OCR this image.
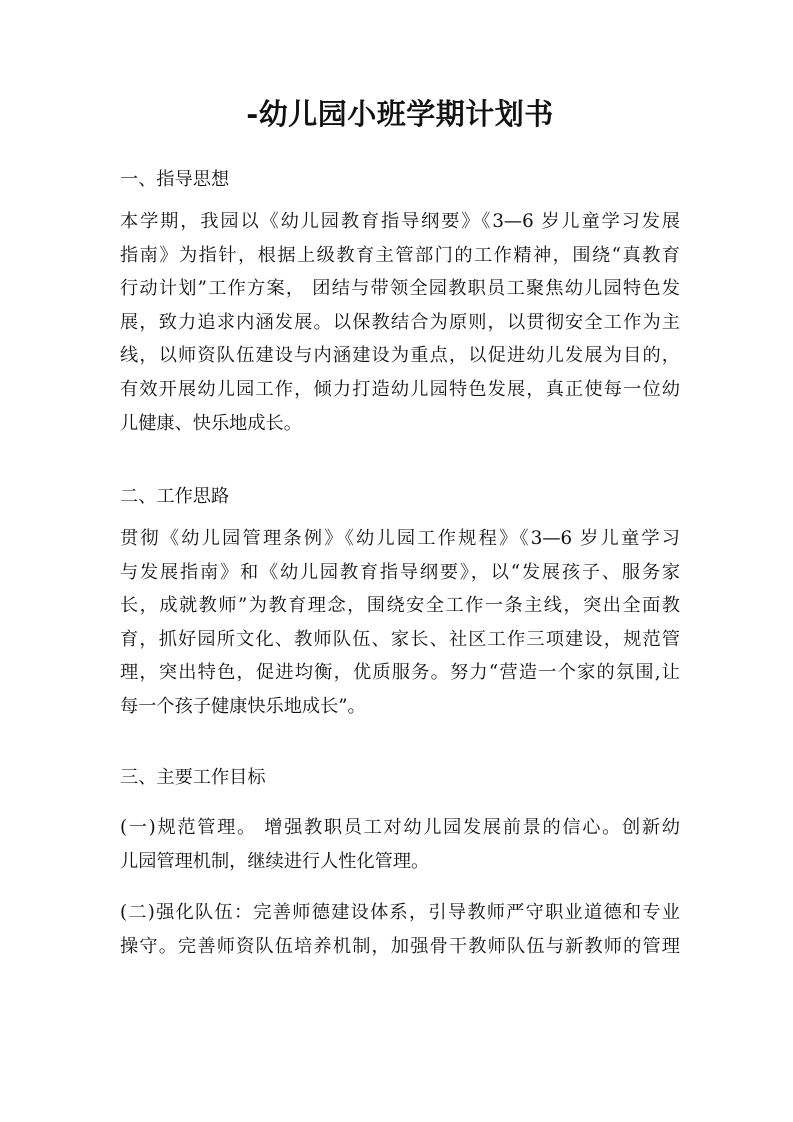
-幼儿园小班学期计划书
一、指导思想
本学期，我园以《幼儿园教育指导纲要》《3—6 岁儿童学习发展
指南》为指针，根据上级教育主管部门的工作精神，围绕“真教育
行动计划”工作方案， 团结与带领全园教职员工聚焦幼儿园特色发
展，致力追求内涵发展。以保教结合为原则，以贯彻安全工作为主
线，以师资队伍建设与内涵建设为重点，以促进幼儿发展为目的，
有效开展幼儿园工作，倾力打造幼儿园特色发展，真正使每一位幼
儿健康、快乐地成长。
二、工作思路
贯彻《幼儿园管理条例》《幼儿园工作规程》《3—6 岁儿童学习
与发展指南》和《幼儿园教育指导纲要》，以“发展孩子、服务家
长，成就教师”为教育理念，围绕安全工作一条主线，突出全面教
育，抓好园所文化、教师队伍、家长、社区工作三项建设，规范管
理，突出特色，促进均衡，优质服务。努力“营造一个家的氛围,让
每一个孩子健康快乐地成长”。
三、主要工作目标
(一)规范管理。 增强教职员工对幼儿园发展前景的信心。创新幼
儿园管理机制，继续进行人性化管理。
(二)强化队伍：完善师德建设体系，引导教师严守职业道德和专业
操守。完善师资队伍培养机制，加强骨干教师队伍与新教师的管理
